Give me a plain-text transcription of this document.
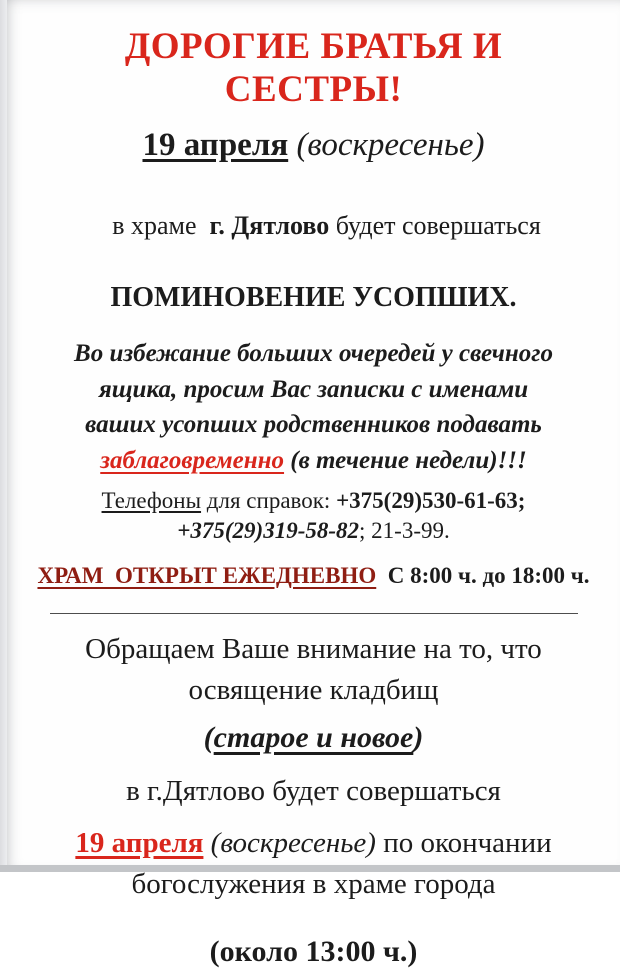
ДОРОГИЕ БРАТЬЯ И СЕСТРЫ!
19 апреля (воскресенье)

в храме  г. Дятлово будет совершаться

ПОМИНОВЕНИЕ УСОПШИХ.
Во избежание больших очередей у свечного
ящика, просим Вас записки с именами
ваших усопших родственников подавать
заблаговременно (в течение недели)!!!
Телефоны для справок: +375(29)530-61-63;
+375(29)319-58-82; 21-3-99.
ХРАМ  ОТКРЫТ ЕЖЕДНЕВНО  С 8:00 ч. до 18:00 ч.
Обращаем Ваше внимание на то, что
освящение кладбищ
(старое и новое)
в г.Дятлово будет совершаться
19 апреля (воскресенье) по окончании
богослужения в храме города
(около 13:00 ч.)
